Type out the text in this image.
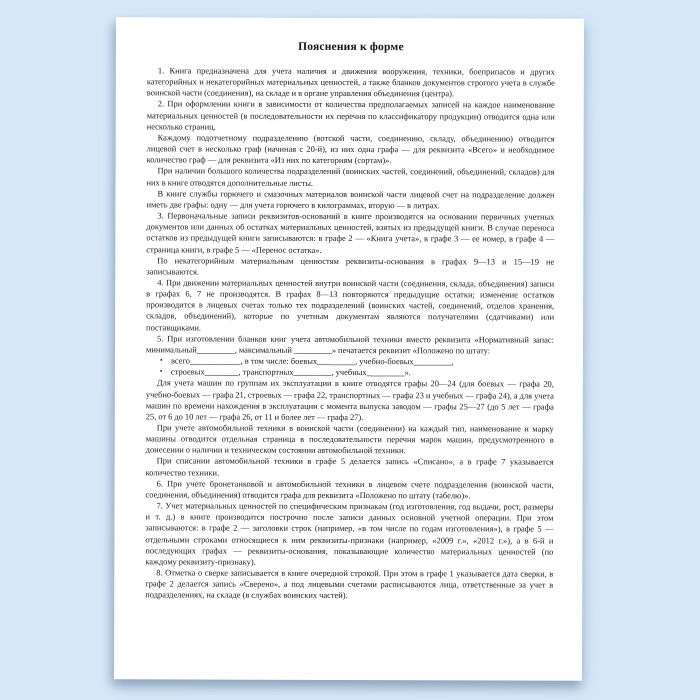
Пояснения к форме

1. Книга предназначена для учета наличия и движения вооружения, техники, боеприпасов и других категорийных и некатегорийных материальных ценностей, а также бланков документов строгого учета в службе воинской части (соединения), на складе и в органе управления объединения (центра).

2. При оформлении книги в зависимости от количества предполагаемых записей на каждое наименование материальных ценностей (в последовательности их перечня по классификатору продукции) отводится одна или несколько страниц.

Каждому подотчетному подразделению (вотской части, соединению, складу, объединению) отводится лицевой счет в несколько граф (начиная с 20-й), из них одна графа — для реквизита «Всего» и необходимое количество граф — для реквизита «Из них по категориям (сортам)».

При наличии большого количества подразделений (воинских частей, соединений, объединений, складов) для них в книге отводятся дополнительные листы.

В книге службы горючего и смазочных материалов воинской части лицевой счет на подразделение должен иметь две графы: одну — для учета горючего в килограммах, вторую — в литрах.

3. Первоначальные записи реквизитов-оснований в книге производятся на основании первичных учетных документов или данных об остатках материальных ценностей, взятых из предыдущей книги. В случае переноса остатков из предыдущей книги записываются: в графе 2 — «Книга учета», в графе 3 — ее номер, в графе 4 — страница книги, в графе 5 — «Перенос остатка».

По некатегорийным материальным ценностям реквизиты-основания в графах 9—13 и 15—19 не записываются.

4. При движении материальных ценностей внутри воинской части (соединения, склада, объединения) записи в графах 6, 7 не производятся. В графах 8—13 повторяются предыдущие остатки; изменение остатков производится в лицевых счетах только тех подразделений (воинских частей, соединений, отделов хранения, складов, объединений), которые по учетным документам являются получателями (сдатчиками) или поставщиками.

5. При изготовлении бланков книг учета автомобильной техники вместо реквизита «Нормативный запас: минимальный_________, максимальный _________» печатается реквизит «Положено по штату:

• всего____________, в том числе: боевых_________, учебно-боевых_________,
• строевых________, транспортных_________, учебных_________».

Для учета машин по группам их эксплуатации в книге отводятся графы 20—24 (для боевых — графа 20, учебно-боевых — графа 21, строевых — графа 22, транспортных — графа 23 и учебных — графа 24), а для учета машин по времени нахождения в эксплуатации с момента выпуска заводом — графы 25—27 (до 5 лет — графа 25, от 6 до 10 лет — графа 26, от 11 и более лет — графа 27).

При учете автомобильной техники в воинской части (соединении) на каждый тип, наименование и марку машины отводится отдельная страница в последовательности перечня марок машин, предусмотренного в донесении о наличии и техническом состоянии автомобильной техники.

При списании автомобильной техники в графе 5 делается запись «Списано», а в графе 7 указывается количество техники.

6. При учете бронетанковой и автомобильной техники в лицевом счете подразделения (воинской части, соединения, объединения) отводится графа для реквизита «Положено по штату (табелю)».

7. Учет материальных ценностей по специфическим признакам (год изготовления, год выдачи, рост, размеры и т. д.) в книге производится построчно после записи данных основной учетной операции. При этом записываются: в графе 2 — заголовки строк (например, «в том числе по годам изготовления»), в графе 5 — отдельными строками относящиеся к ним реквизиты-признаки (например, «2009 г.», «2012 г.»), а в 6-й и последующих графах — реквизиты-основания, показывающие количество материальных ценностей (по каждому реквизиту-признаку).

8. Отметка о сверке записывается в книге очередной строкой. При этом в графе 1 указывается дата сверки, в графе 2 делается запись «Сверено», а под лицевыми счетами расписываются лица, ответственные за учет в подразделениях, на складе (в службах воинских частей).
